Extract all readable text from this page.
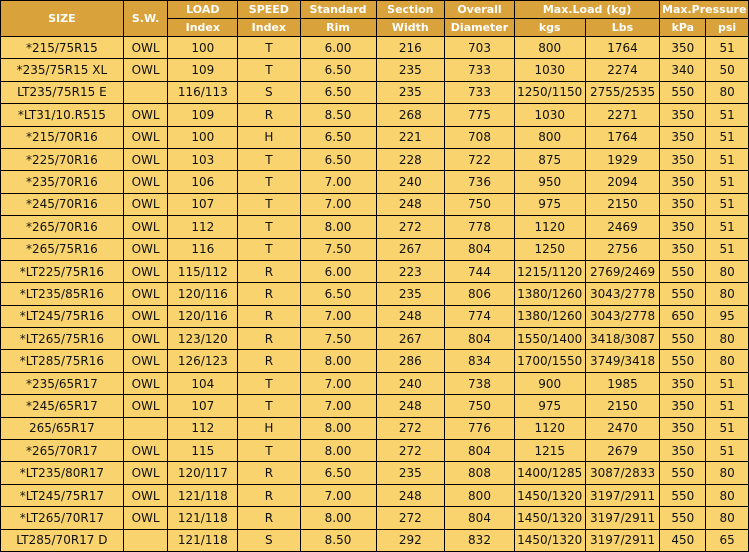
SIZE	S.W.	LOAD	SPEED	Standard	Section	Overall	Max.Load (kg)		Max.Pressure	
		Index	Index	Rim	Width	Diameter	kgs	Lbs	kPa	psi
*215/75R15	OWL	100	T	6.00	216	703	800	1764	350	51
*235/75R15 XL	OWL	109	T	6.50	235	733	1030	2274	340	50
LT235/75R15 E		116/113	S	6.50	235	733	1250/1150	2755/2535	550	80
*LT31/10.R515	OWL	109	R	8.50	268	775	1030	2271	350	51
*215/70R16	OWL	100	H	6.50	221	708	800	1764	350	51
*225/70R16	OWL	103	T	6.50	228	722	875	1929	350	51
*235/70R16	OWL	106	T	7.00	240	736	950	2094	350	51
*245/70R16	OWL	107	T	7.00	248	750	975	2150	350	51
*265/70R16	OWL	112	T	8.00	272	778	1120	2469	350	51
*265/75R16	OWL	116	T	7.50	267	804	1250	2756	350	51
*LT225/75R16	OWL	115/112	R	6.00	223	744	1215/1120	2769/2469	550	80
*LT235/85R16	OWL	120/116	R	6.50	235	806	1380/1260	3043/2778	550	80
*LT245/75R16	OWL	120/116	R	7.00	248	774	1380/1260	3043/2778	650	95
*LT265/75R16	OWL	123/120	R	7.50	267	804	1550/1400	3418/3087	550	80
*LT285/75R16	OWL	126/123	R	8.00	286	834	1700/1550	3749/3418	550	80
*235/65R17	OWL	104	T	7.00	240	738	900	1985	350	51
*245/65R17	OWL	107	T	7.00	248	750	975	2150	350	51
265/65R17		112	H	8.00	272	776	1120	2470	350	51
*265/70R17	OWL	115	T	8.00	272	804	1215	2679	350	51
*LT235/80R17	OWL	120/117	R	6.50	235	808	1400/1285	3087/2833	550	80
*LT245/75R17	OWL	121/118	R	7.00	248	800	1450/1320	3197/2911	550	80
*LT265/70R17	OWL	121/118	R	8.00	272	804	1450/1320	3197/2911	550	80
LT285/70R17 D		121/118	S	8.50	292	832	1450/1320	3197/2911	450	65
